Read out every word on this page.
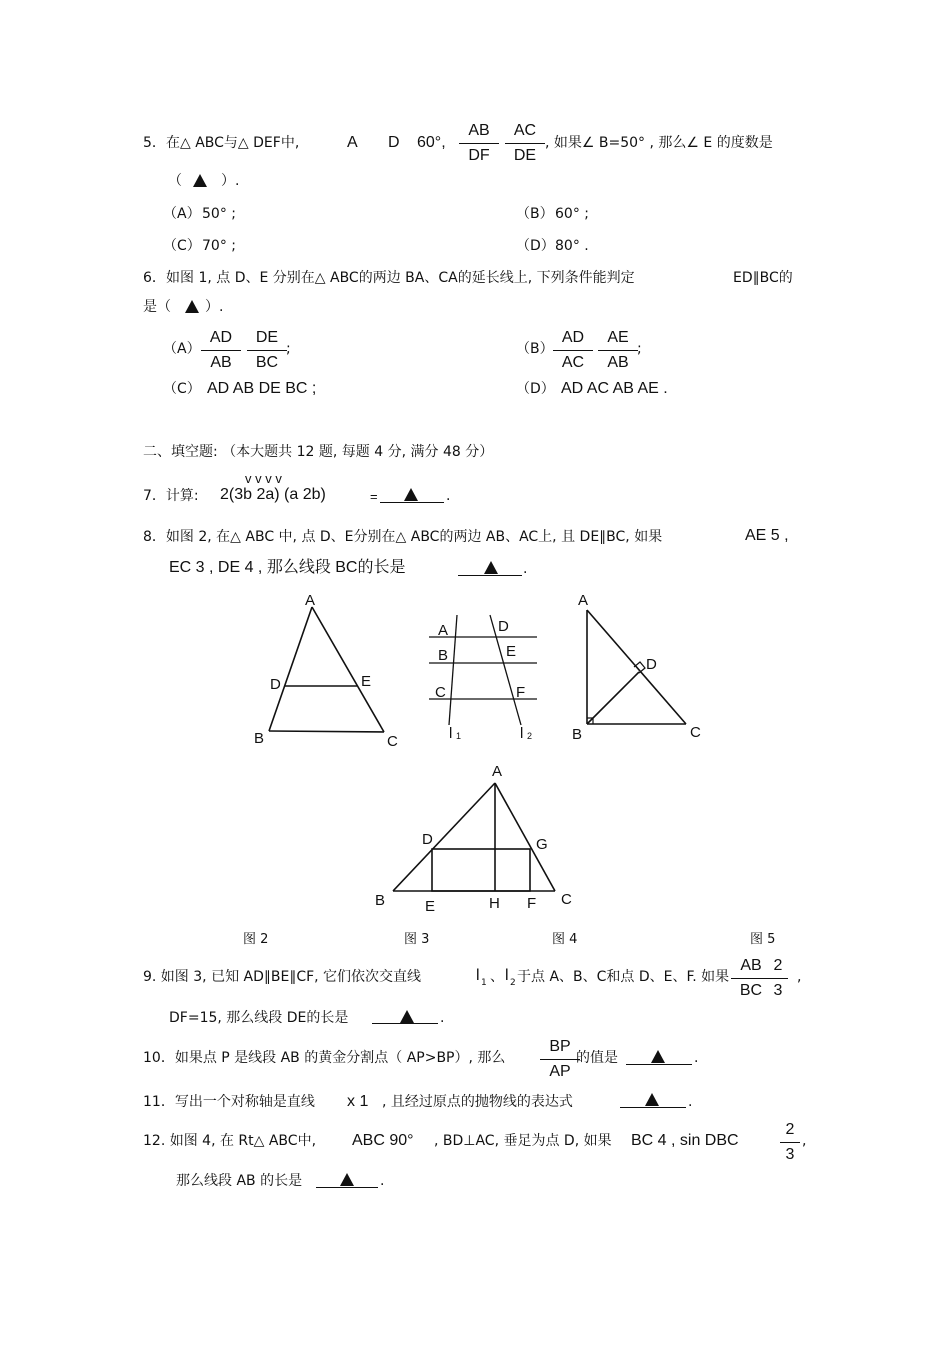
5． 在△ ABC与△ DEF中,	A D 60°, $\frac{AB}{DF} \frac{AC}{DE}$ , 如果∠ B=50° , 那么∠ E 的度数是
（	）.
（A） 50° ;	（B） 60° ;
（C） 70° ;	（D） 80° .
6． 如图 1, 点 D、E 分别在△ ABC的两边 BA、CA的延长线上, 下列条件能判定	ED∥BC的
是（ ）.
$(A) \frac{AD}{AB} \frac{DE}{BC}$ ;	$(B) \frac{AD}{AC} \frac{AE}{AB}$ ;
（C） AD AB DE BC ;	（D） AD AC AB AE .
二、填空题: （本大题共 12 题, 每题 4 分, 满分 48 分）
7．计算:
v v v v
2(3b 2a) (a 2b)	=	.
8．如图 2, 在△ ABC 中, 点 D、E分别在△ ABC的两边 AB、AC上, 且 DE∥BC, 如果	AE 5 ,
EC 3 , DE 4 , 那么线段 BC的长是	.
A
D	E
B	C
A	D
B	E
C	F
l 1	l 2
A
D
B	C
A
D	G
B	E	H F C
图 2	图 3	图 4	图 5
9. 如图 3, 已知 AD∥BE∥CF, 它们依次交直线	l 1 、 l 2 于点 A、B、C和点 D、E、F. 如果 $\frac{AB}{BC}$
$\frac{2}{3}$ ,
DF=15, 那么线段 DE的长是	.
10．如果点 P 是线段 AB 的黄金分割点（ AP>BP）, 那么 $\frac{BP}{AP}$
的值是	.
11．写出一个对称轴是直线 x 1 , 且经过原点的抛物线的表达式	.
12. 如图 4, 在 Rt△ ABC中, ABC 90° , BD⊥AC, 垂足为点 D, 如果 BC 4 , sin DBC	$\frac{2}{3}$ ,
那么线段 AB 的长是	.
